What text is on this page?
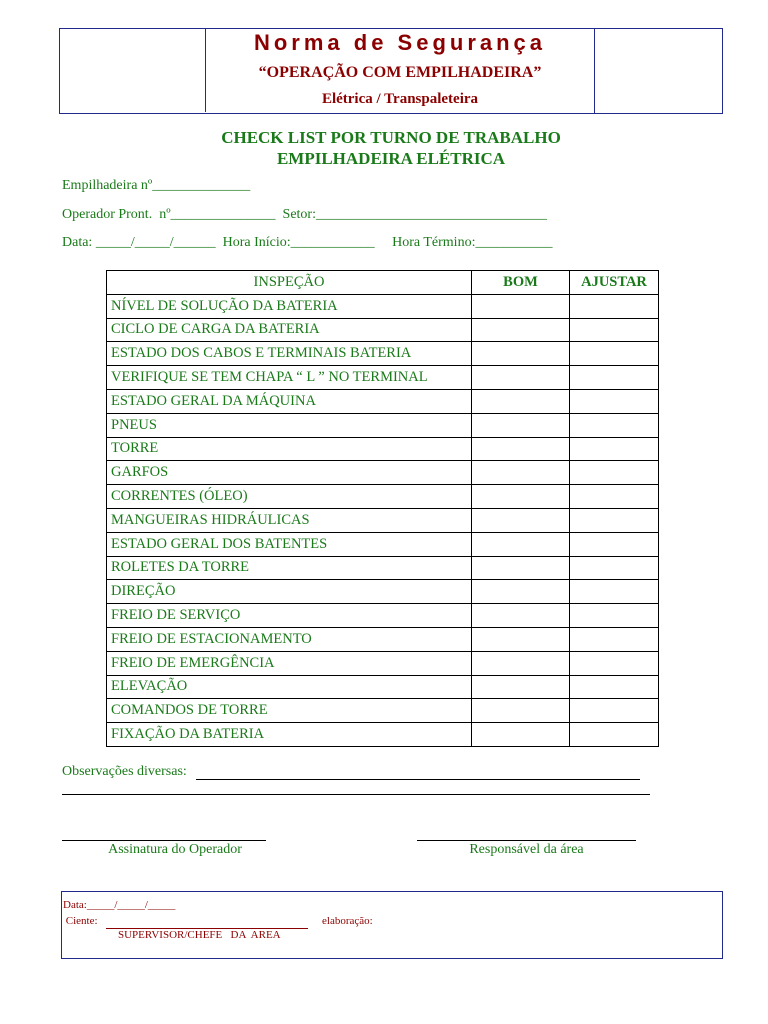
Norma de Segurança
“OPERAÇÃO COM EMPILHADEIRA”
Elétrica / Transpaleteira
CHECK LIST POR TURNO DE TRABALHO
EMPILHADEIRA ELÉTRICA
Empilhadeira nº______________
Operador Pront.  nº_______________  Setor:_________________________________
Data: _____/_____/______  Hora Início:____________     Hora Término:___________
INSPEÇÃO	BOM	AJUSTAR
NÍVEL DE SOLUÇÃO DA BATERIA		
CICLO DE CARGA DA BATERIA		
ESTADO DOS CABOS E TERMINAIS BATERIA		
VERIFIQUE SE TEM CHAPA “ L ” NO TERMINAL		
ESTADO GERAL DA MÁQUINA		
PNEUS		
TORRE		
GARFOS		
CORRENTES (ÓLEO)		
MANGUEIRAS HIDRÁULICAS		
ESTADO GERAL DOS BATENTES		
ROLETES DA TORRE		
DIREÇÃO		
FREIO DE SERVIÇO		
FREIO DE ESTACIONAMENTO		
FREIO DE EMERGÊNCIA		
ELEVAÇÃO		
COMANDOS DE TORRE		
FIXAÇÃO DA BATERIA		
Observações diversas:
Assinatura do Operador	Responsável da área
Data:_____/_____/_____
Ciente:	elaboração:
SUPERVISOR/CHEFE   DA  AREA
